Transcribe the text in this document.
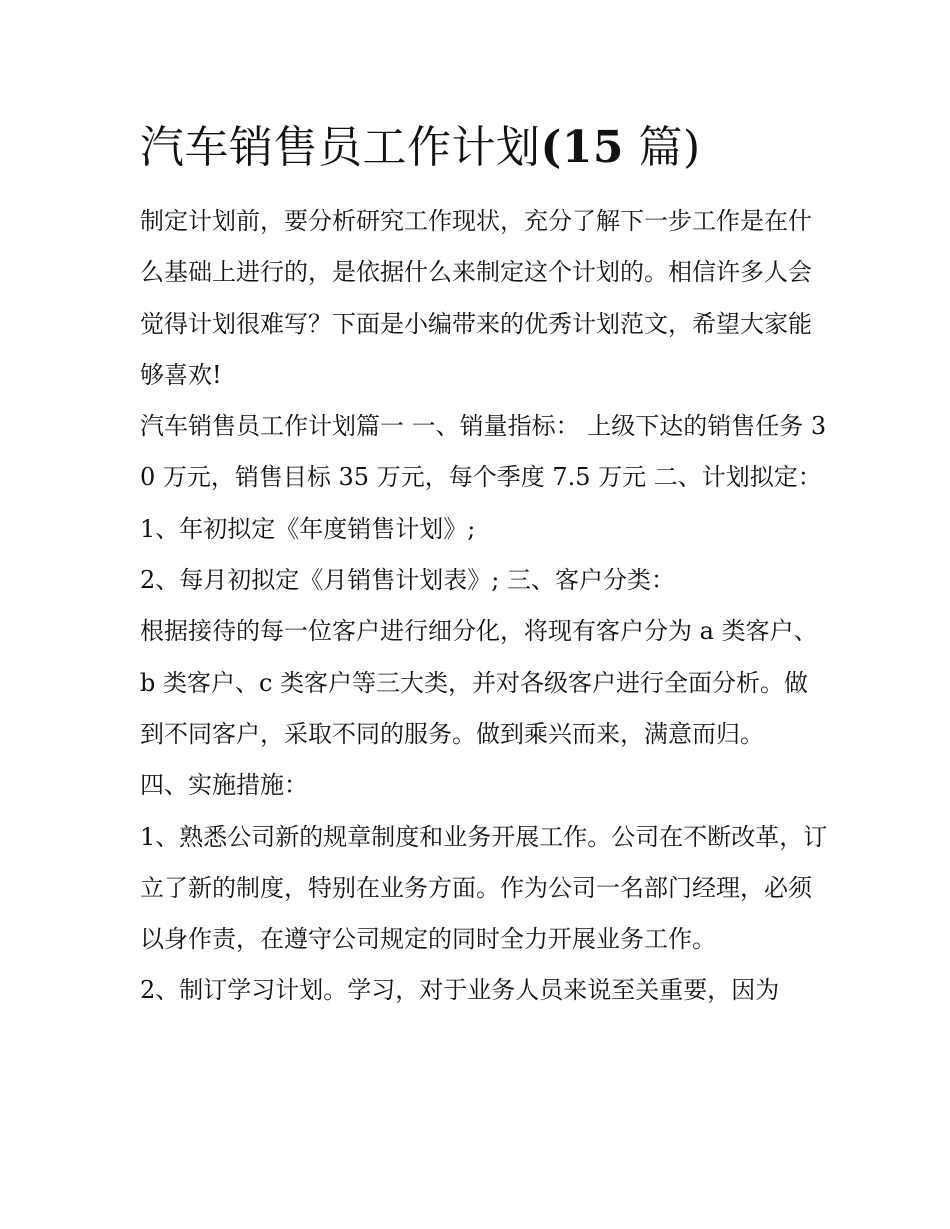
汽车销售员工作计划(15 篇)

制定计划前，要分析研究工作现状，充分了解下一步工作是在什么基础上进行的，是依据什么来制定这个计划的。相信许多人会觉得计划很难写？下面是小编带来的优秀计划范文，希望大家能够喜欢!

汽车销售员工作计划篇一 一、销量指标： 上级下达的销售任务 30 万元，销售目标 35 万元，每个季度 7.5 万元 二、计划拟定： 1、年初拟定《年度销售计划》;

2、每月初拟定《月销售计划表》; 三、客户分类：

根据接待的每一位客户进行细分化，将现有客户分为 a 类客户、b 类客户、c 类客户等三大类，并对各级客户进行全面分析。做到不同客户，采取不同的服务。做到乘兴而来，满意而归。

四、实施措施：

1、熟悉公司新的规章制度和业务开展工作。公司在不断改革，订立了新的制度，特别在业务方面。作为公司一名部门经理，必须以身作责，在遵守公司规定的同时全力开展业务工作。

2、制订学习计划。学习，对于业务人员来说至关重要，因为
